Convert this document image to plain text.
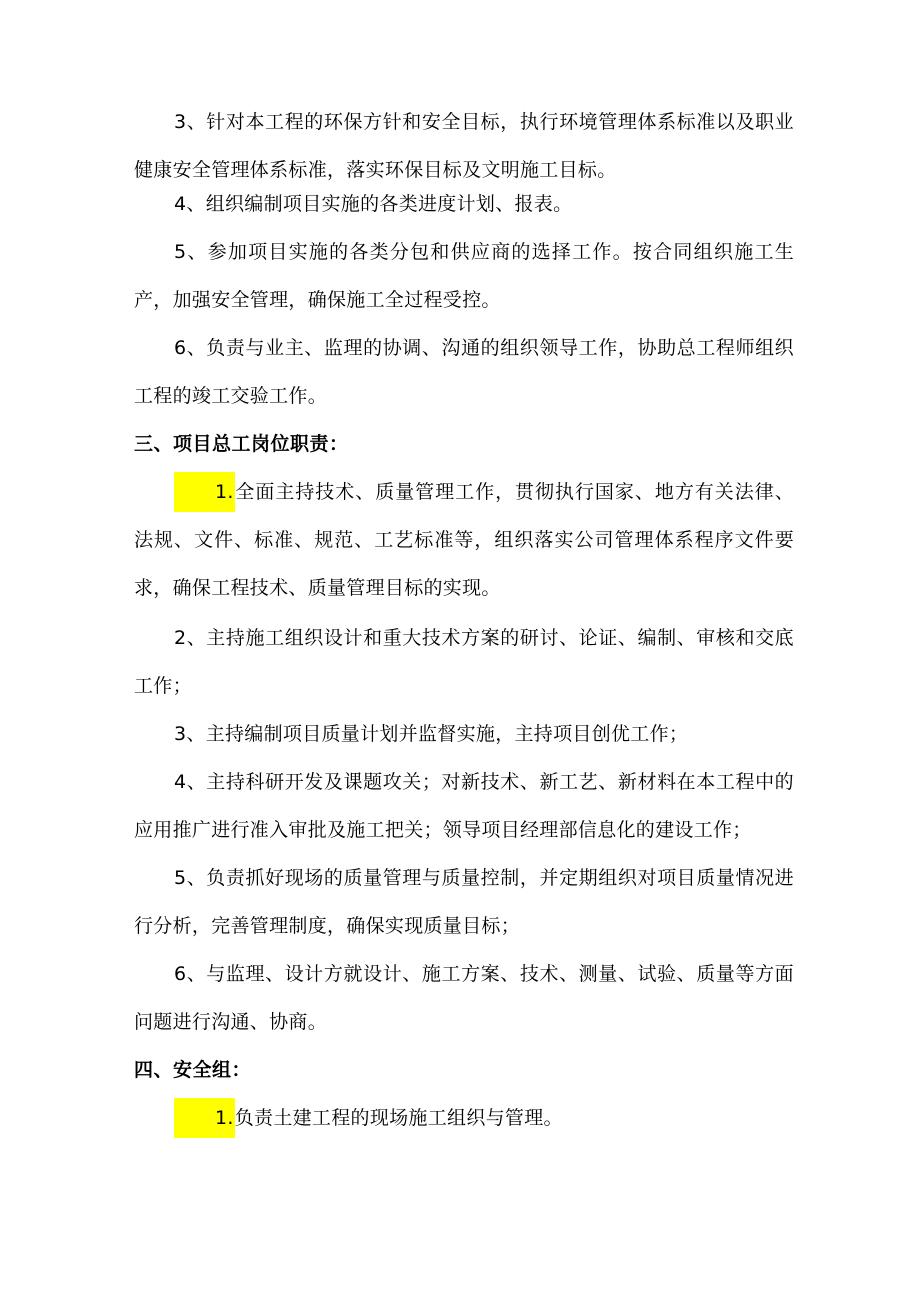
3、针对本工程的环保方针和安全目标，执行环境管理体系标准以及职业健康安全管理体系标准，落实环保目标及文明施工目标。

4、组织编制项目实施的各类进度计划、报表。

5、参加项目实施的各类分包和供应商的选择工作。按合同组织施工生产，加强安全管理，确保施工全过程受控。

6、负责与业主、监理的协调、沟通的组织领导工作，协助总工程师组织工程的竣工交验工作。

三、项目总工岗位职责：

1.全面主持技术、质量管理工作，贯彻执行国家、地方有关法律、法规、文件、标准、规范、工艺标准等，组织落实公司管理体系程序文件要求，确保工程技术、质量管理目标的实现。

2、主持施工组织设计和重大技术方案的研讨、论证、编制、审核和交底工作；

3、主持编制项目质量计划并监督实施，主持项目创优工作；

4、主持科研开发及课题攻关；对新技术、新工艺、新材料在本工程中的应用推广进行准入审批及施工把关；领导项目经理部信息化的建设工作；

5、负责抓好现场的质量管理与质量控制，并定期组织对项目质量情况进行分析，完善管理制度，确保实现质量目标；

6、与监理、设计方就设计、施工方案、技术、测量、试验、质量等方面问题进行沟通、协商。

四、安全组：

1.负责土建工程的现场施工组织与管理。
